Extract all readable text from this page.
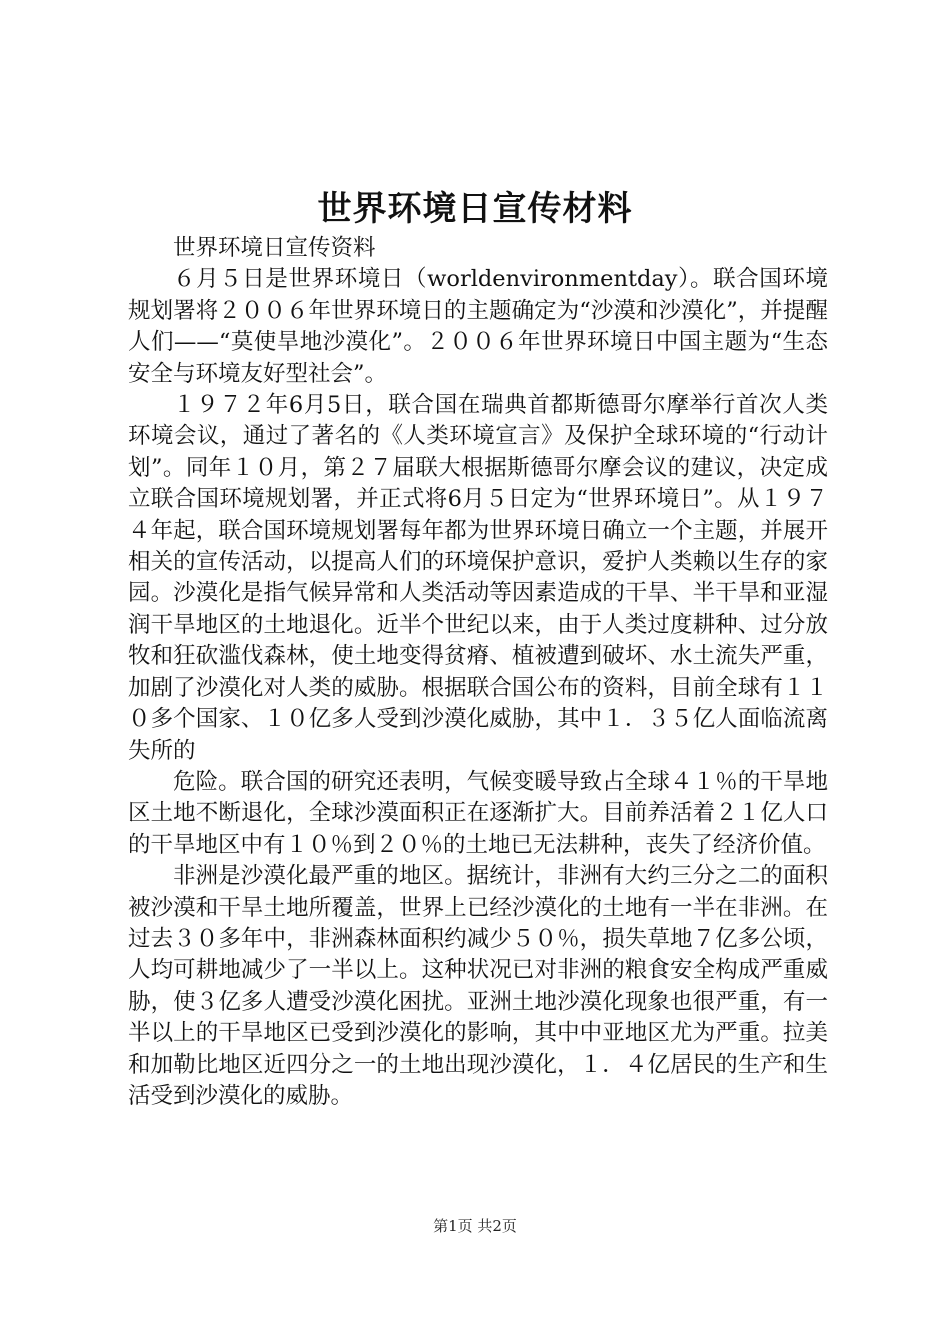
世界环境日宣传材料

世界环境日宣传资料

６月５日是世界环境日（worldenvironmentday）。联合国环境规划署将２００６年世界环境日的主题确定为“沙漠和沙漠化”，并提醒人们——“莫使旱地沙漠化”。２００６年世界环境日中国主题为“生态安全与环境友好型社会”。

１９７２年6月5日，联合国在瑞典首都斯德哥尔摩举行首次人类环境会议，通过了著名的《人类环境宣言》及保护全球环境的“行动计划”。同年１０月，第２７届联大根据斯德哥尔摩会议的建议，决定成立联合国环境规划署，并正式将6月５日定为“世界环境日”。从１９７４年起，联合国环境规划署每年都为世界环境日确立一个主题，并展开相关的宣传活动，以提高人们的环境保护意识，爱护人类赖以生存的家园。沙漠化是指气候异常和人类活动等因素造成的干旱、半干旱和亚湿润干旱地区的土地退化。近半个世纪以来，由于人类过度耕种、过分放牧和狂砍滥伐森林，使土地变得贫瘠、植被遭到破坏、水土流失严重，加剧了沙漠化对人类的威胁。根据联合国公布的资料，目前全球有１１０多个国家、１０亿多人受到沙漠化威胁，其中１．３５亿人面临流离失所的

危险。联合国的研究还表明，气候变暖导致占全球４１％的干旱地区土地不断退化，全球沙漠面积正在逐渐扩大。目前养活着２１亿人口的干旱地区中有１０％到２０％的土地已无法耕种，丧失了经济价值。

非洲是沙漠化最严重的地区。据统计，非洲有大约三分之二的面积被沙漠和干旱土地所覆盖，世界上已经沙漠化的土地有一半在非洲。在过去３０多年中，非洲森林面积约减少５０％，损失草地７亿多公顷，人均可耕地减少了一半以上。这种状况已对非洲的粮食安全构成严重威胁，使３亿多人遭受沙漠化困扰。亚洲土地沙漠化现象也很严重，有一半以上的干旱地区已受到沙漠化的影响，其中中亚地区尤为严重。拉美和加勒比地区近四分之一的土地出现沙漠化，１．４亿居民的生产和生活受到沙漠化的威胁。

第1页 共2页
